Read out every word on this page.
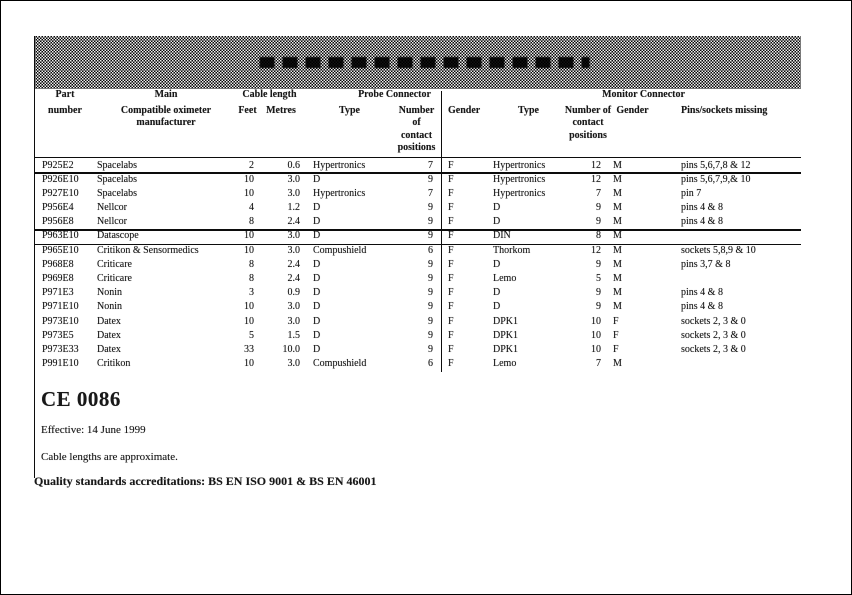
Part	Main	Cable length	Probe Connector	Monitor Connector
number	Compatible oximeter manufacturer
Feet Metres	Type	Number of contact positions
Gender	Type	Number of contact positions
Gender	Pins/sockets missing
P925E2	Spacelabs	2	0.6	Hypertronics	7	F	Hypertronics	12	M	pins 5,6,7,8 & 12
P926E10	Spacelabs	10	3.0	D	9	F	Hypertronics	12	M	pins 5,6,7,9,& 10
P927E10	Spacelabs	10	3.0	Hypertronics	7	F	Hypertronics	7	M	pin 7
P956E4	Nellcor	4	1.2	D	9	F	D	9	M	pins 4 & 8
P956E8	Nellcor	8	2.4	D	9	F	D	9	M	pins 4 & 8
P963E10	Datascope	10	3.0	D	9	F	DIN	8	M
P965E10	Critikon & Sensormedics	10	3.0	Compushield	6	F	Thorkom	12	M	sockets 5,8,9 & 10
P968E8	Criticare	8	2.4	D	9	F	D	9	M	pins 3,7 & 8
P969E8	Criticare	8	2.4	D	9	F	Lemo	5	M
P971E3	Nonin	3	0.9	D	9	F	D	9	M	pins 4 & 8
P971E10	Nonin	10	3.0	D	9	F	D	9	M	pins 4 & 8
P973E10	Datex	10	3.0	D	9	F	DPK1	10	F	sockets 2, 3 & 0
P973E5	Datex	5	1.5	D	9	F	DPK1	10	F	sockets 2, 3 & 0
P973E33	Datex	33	10.0	D	9	F	DPK1	10	F	sockets 2, 3 & 0
P991E10	Critikon	10	3.0	Compushield	6	F	Lemo	7	M
CE 0086
Effective: 14 June 1999
Cable lengths are approximate.
Quality standards accreditations: BS EN ISO 9001 & BS EN 46001
